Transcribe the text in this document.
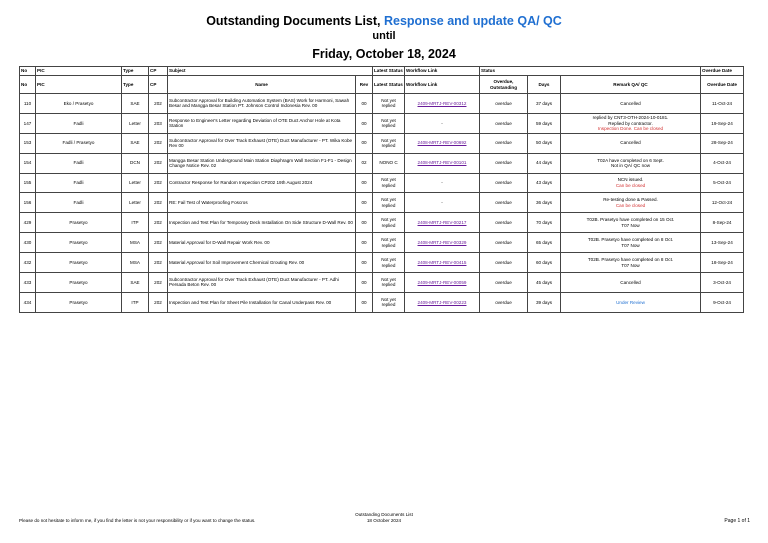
Outstanding Documents List, Response and update QA/ QC
until
Friday, October 18, 2024
No	PIC	Type	CP	Subject		Latest Status	Workflow Link	Status			Overdue Date
No	PIC	Type	CP	Name	Rev	Latest Status	Workflow Link	Overdue, Outstanding	Days	Remark QA/ QC	Overdue Date
110	Eko / Prasetyo	SAE	202	Subcontractor Approval for Building Automation System (BAS) Work for Harmoni, Sawah Besar and Mangga Besar Station PT. Johnson Control Indonesia Rev. 00	00	Not yet replied	2409-MRTJ-REV-00312	overdue	37 days	Cancelled	11-Oct-24
147	Fadli	Letter	203	Response to Engineer's Letter regarding Deviation of OTE Duct Anchor Hole at Kota Station	00	Not yet replied	-	overdue	59 days	replied by CNT3-OTH-2024-10-0181.
Replied by contractor.
Inspection Done. Can be closed	19-Sep-24
153	Fadli / Prasetyo	SAE	202	Subcontractor Approval for Over Track Exhaust (OTE) Duct Manufacturer - PT. Wika Kobe Rev 00	00	Not yet replied	2408-MRTJ-REV-00692	overdue	50 days	Cancelled	28-Sep-24
154	Fadli	DCN	202	Mangga Besar Station Underground Main Station Diaphragm Wall Section F1-F1 - Design Change Notice Rev. 02	02	NONO C	2408-MRTJ-REV-00101	overdue	44 days	T02A have completed on 6 Sept.
Not in QA/ QC now	4-Oct-24
155	Fadli	Letter	202	Contractor Response for Random Inspection CP202 19th August 2024	00	Not yet replied	-	overdue	43 days	NCN issued.
Can be closed	5-Oct-24
156	Fadli	Letter	202	RE: Fail Test of Waterproofing Foscros	00	Not yet replied	-	overdue	36 days	Re-testing done & Passed.
Can be closed	12-Oct-24
429	Prasetyo	ITP	202	Inspection and Test Plan for Temporary Deck Installation On Side Structure D-Wall Rev. 00	00	Not yet replied	2408-MRTJ-REV-00217	overdue	70 days	T02B. Prasetyo have completed on 15 Oct.
T07 Now	8-Sep-24
430	Prasetyo	MSA	202	Material Approval for D-Wall Repair Work Rev. 00	00	Not yet replied	2408-MRTJ-REV-00329	overdue	65 days	T02B. Prasetyo have completed on 8 Oct.
T07 Now	13-Sep-24
432	Prasetyo	MSA	202	Material Approval for Soil Improvement Chemical Grouting Rev. 00	00	Not yet replied	2408-MRTJ-REV-00415	overdue	60 days	T02B. Prasetyo have completed on 8 Oct.
T07 Now	18-Sep-24
433	Prasetyo	SAE	202	Subcontractor Approval for Over Track Exhaust (OTE) Duct Manufacturer - PT. Adhi Persada Beton Rev. 00	00	Not yet replied	2409-MRTJ-REV-00059	overdue	45 days	Cancelled	3-Oct-24
434	Prasetyo	ITP	202	Inspection and Test Plan for Sheet Pile Installation for Canal Underpass Rev. 00	00	Not yet replied	2409-MRTJ-REV-00223	overdue	39 days	Under Review	9-Oct-24
Please do not hesitate to inform me, if you find the letter is not your responsibility or if you want to change the status.
Outstanding Documents List
18 October 2024	Page 1 of 1
